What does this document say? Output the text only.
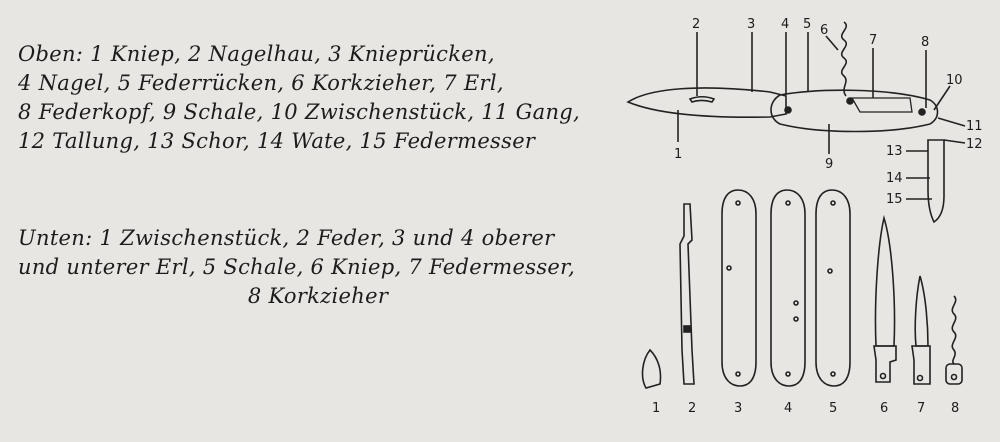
Oben: 1 Kniep, 2 Nagelhau, 3 Knieprücken,
4 Nagel, 5 Federrücken, 6 Korkzieher, 7 Erl,
8 Federkopf, 9 Schale, 10 Zwischenstück, 11 Gang,
12 Tallung, 13 Schor, 14 Wate, 15 Federmesser
Unten: 1 Zwischenstück, 2 Feder, 3 und 4 oberer
und unterer Erl, 5 Schale, 6 Kniep, 7 Federmesser,
8 Korkzieher
1
2	3 4 5 6
7	8
9
10
11
12
13
14
15
1 2	3	4	5	6 7 8
